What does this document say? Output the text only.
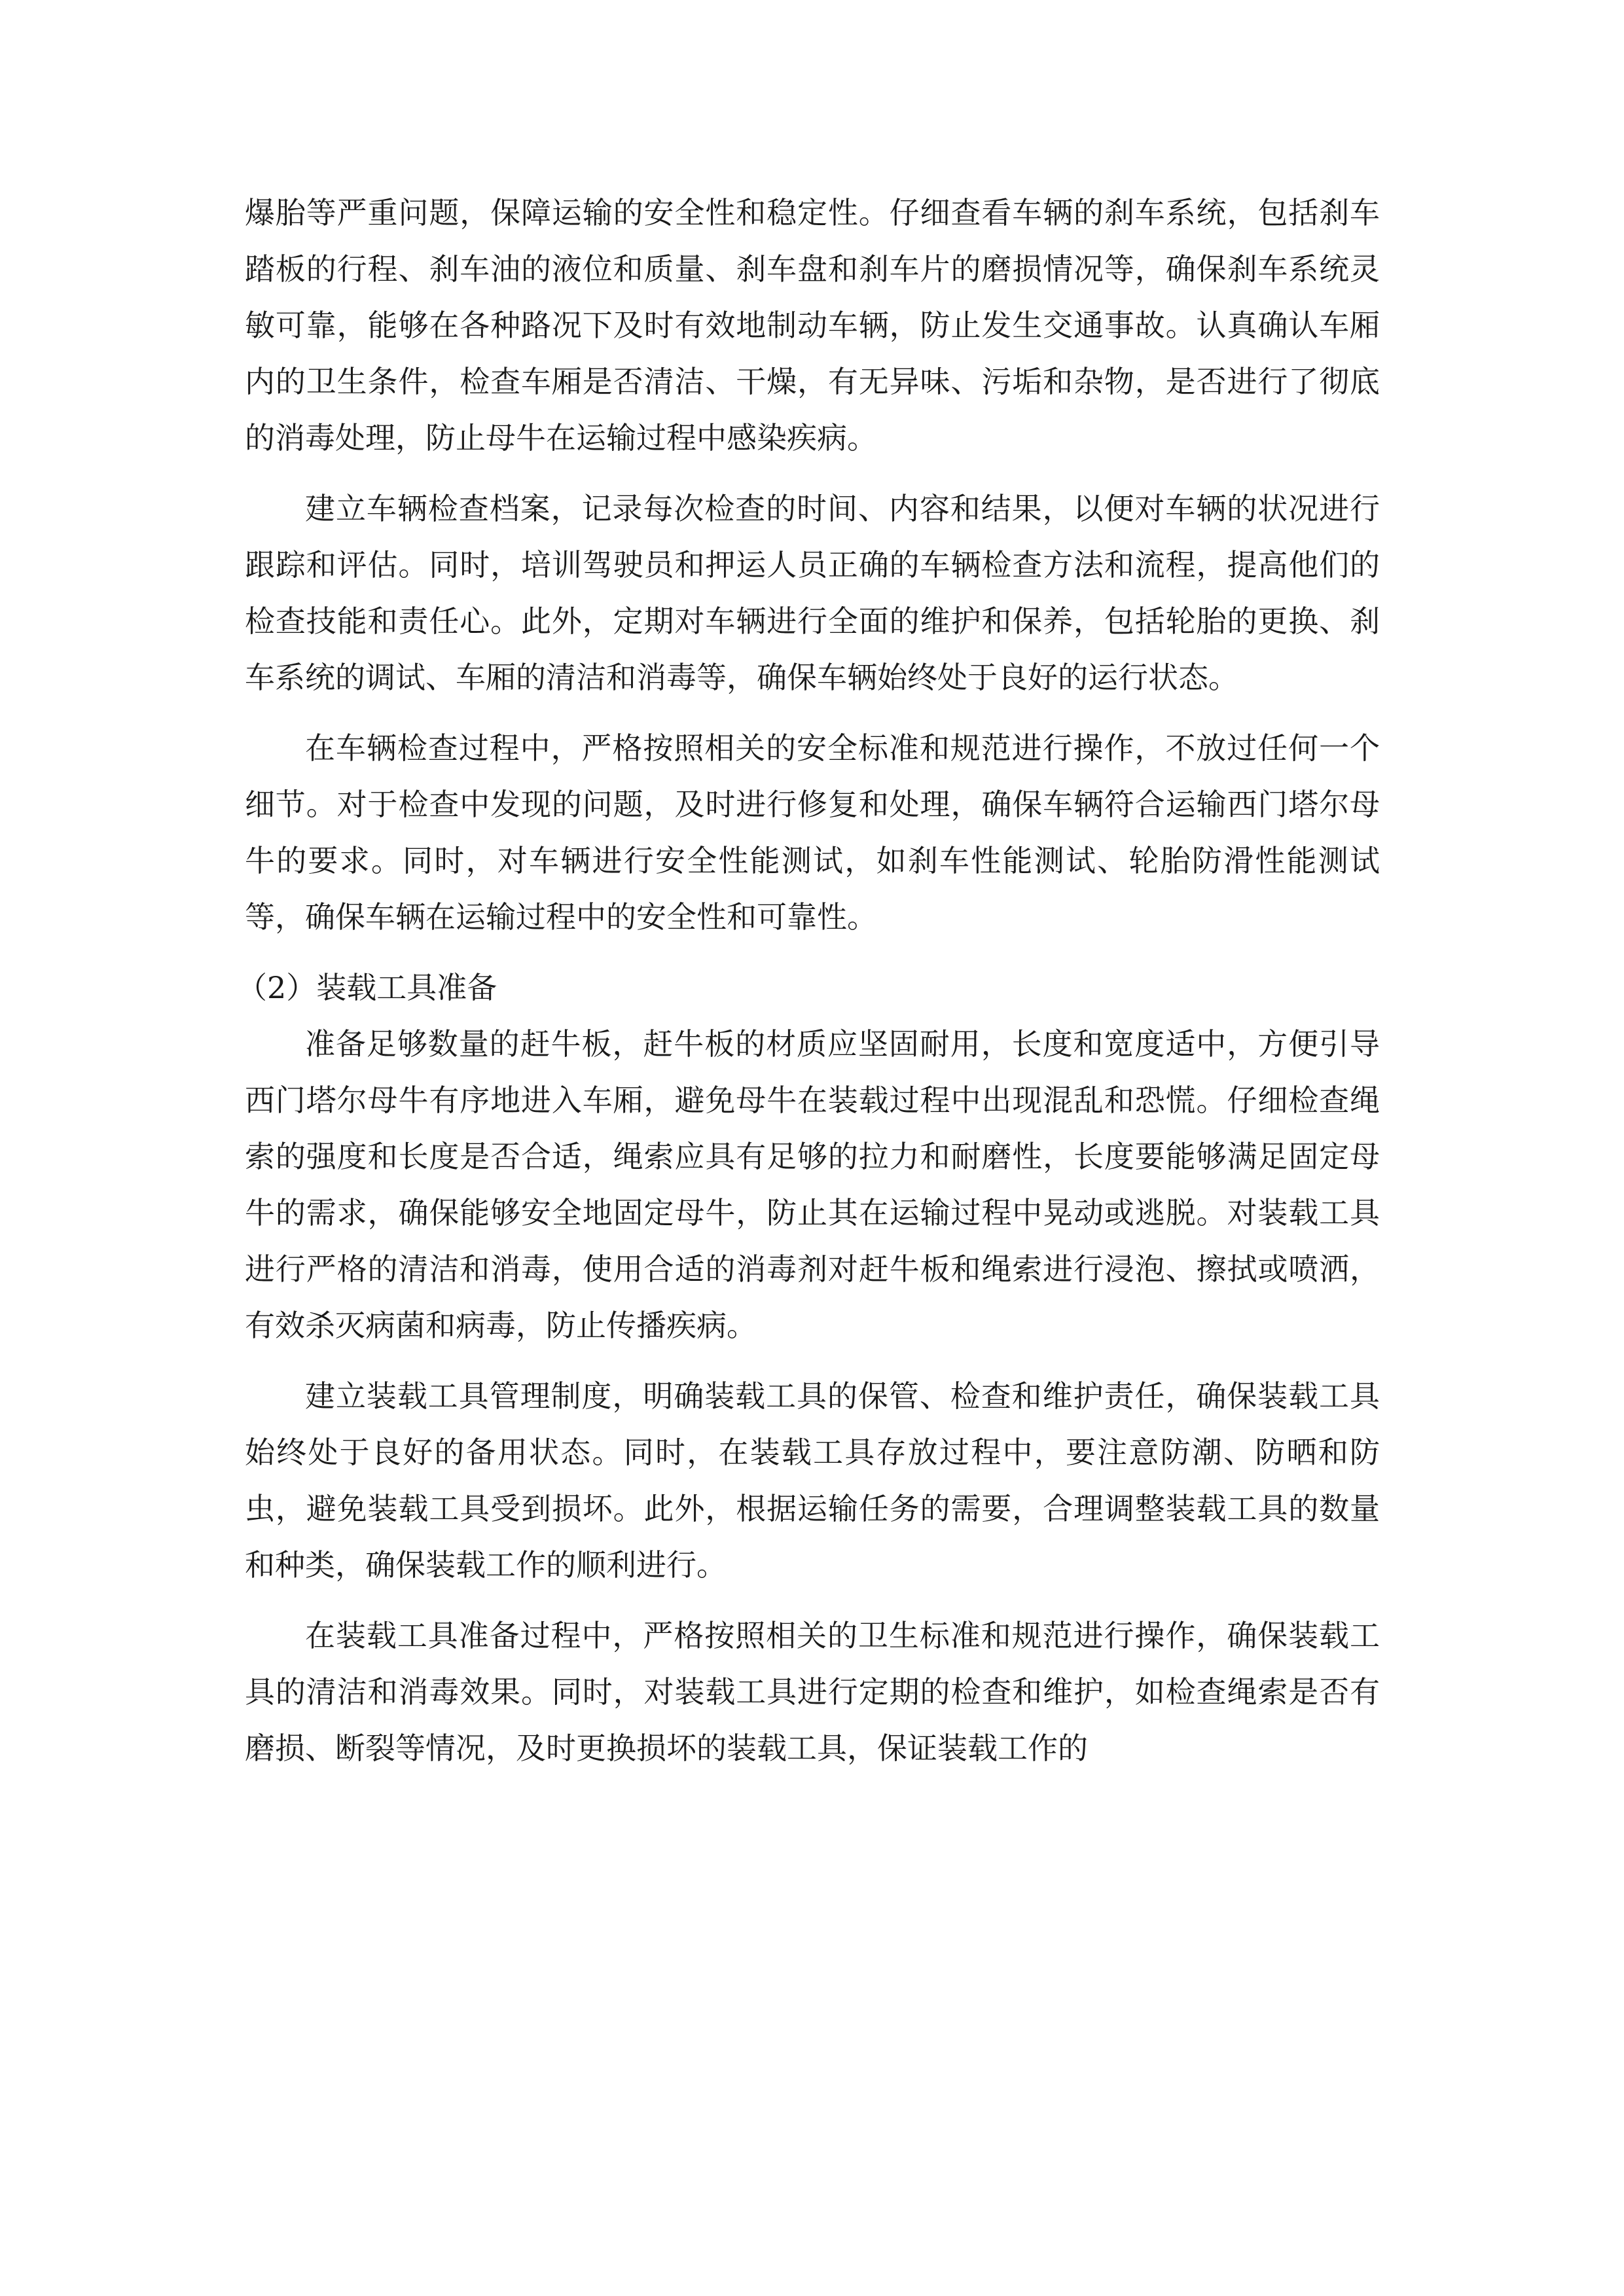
爆胎等严重问题，保障运输的安全性和稳定性。仔细查看车辆的刹车系统，包括刹车踏板的行程、刹车油的液位和质量、刹车盘和刹车片的磨损情况等，确保刹车系统灵敏可靠，能够在各种路况下及时有效地制动车辆，防止发生交通事故。认真确认车厢内的卫生条件，检查车厢是否清洁、干燥，有无异味、污垢和杂物，是否进行了彻底的消毒处理，防止母牛在运输过程中感染疾病。

建立车辆检查档案，记录每次检查的时间、内容和结果，以便对车辆的状况进行跟踪和评估。同时，培训驾驶员和押运人员正确的车辆检查方法和流程，提高他们的检查技能和责任心。此外，定期对车辆进行全面的维护和保养，包括轮胎的更换、刹车系统的调试、车厢的清洁和消毒等，确保车辆始终处于良好的运行状态。

在车辆检查过程中，严格按照相关的安全标准和规范进行操作，不放过任何一个细节。对于检查中发现的问题，及时进行修复和处理，确保车辆符合运输西门塔尔母牛的要求。同时，对车辆进行安全性能测试，如刹车性能测试、轮胎防滑性能测试等，确保车辆在运输过程中的安全性和可靠性。

（2）装载工具准备

准备足够数量的赶牛板，赶牛板的材质应坚固耐用，长度和宽度适中，方便引导西门塔尔母牛有序地进入车厢，避免母牛在装载过程中出现混乱和恐慌。仔细检查绳索的强度和长度是否合适，绳索应具有足够的拉力和耐磨性，长度要能够满足固定母牛的需求，确保能够安全地固定母牛，防止其在运输过程中晃动或逃脱。对装载工具进行严格的清洁和消毒，使用合适的消毒剂对赶牛板和绳索进行浸泡、擦拭或喷洒，有效杀灭病菌和病毒，防止传播疾病。

建立装载工具管理制度，明确装载工具的保管、检查和维护责任，确保装载工具始终处于良好的备用状态。同时，在装载工具存放过程中，要注意防潮、防晒和防虫，避免装载工具受到损坏。此外，根据运输任务的需要，合理调整装载工具的数量和种类，确保装载工作的顺利进行。

在装载工具准备过程中，严格按照相关的卫生标准和规范进行操作，确保装载工具的清洁和消毒效果。同时，对装载工具进行定期的检查和维护，如检查绳索是否有磨损、断裂等情况，及时更换损坏的装载工具，保证装载工作的
